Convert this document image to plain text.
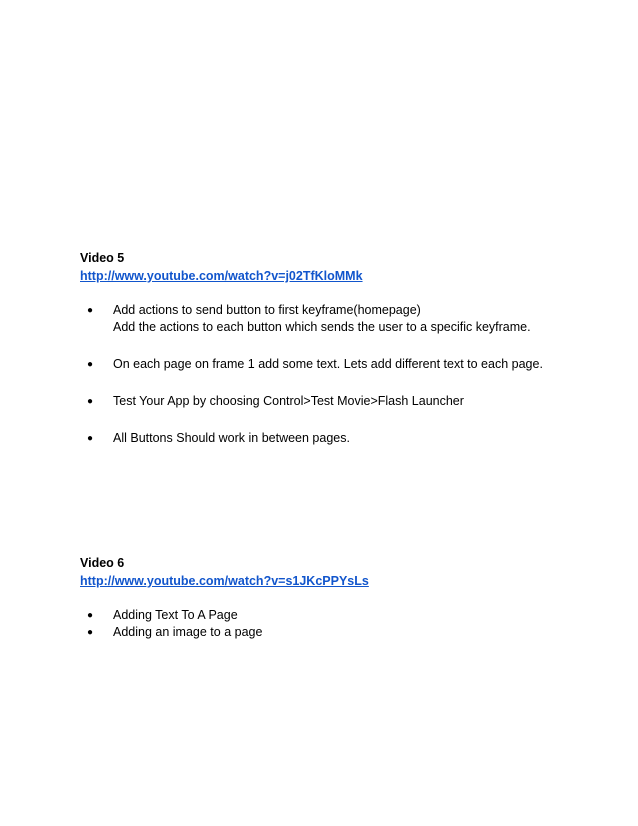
Video 5

http://www.youtube.com/watch?v=j02TfKloMMk
● Add actions to send button to first keyframe(homepage)
Add the actions to each button which sends the user to a specific keyframe.
● On each page on frame 1 add some text. Lets add different text to each page.
● Test Your App by choosing Control>Test Movie>Flash Launcher
● All Buttons Should work in between pages.

Video 6

http://www.youtube.com/watch?v=s1JKcPPYsLs
● Adding Text To A Page
● Adding an image to a page
